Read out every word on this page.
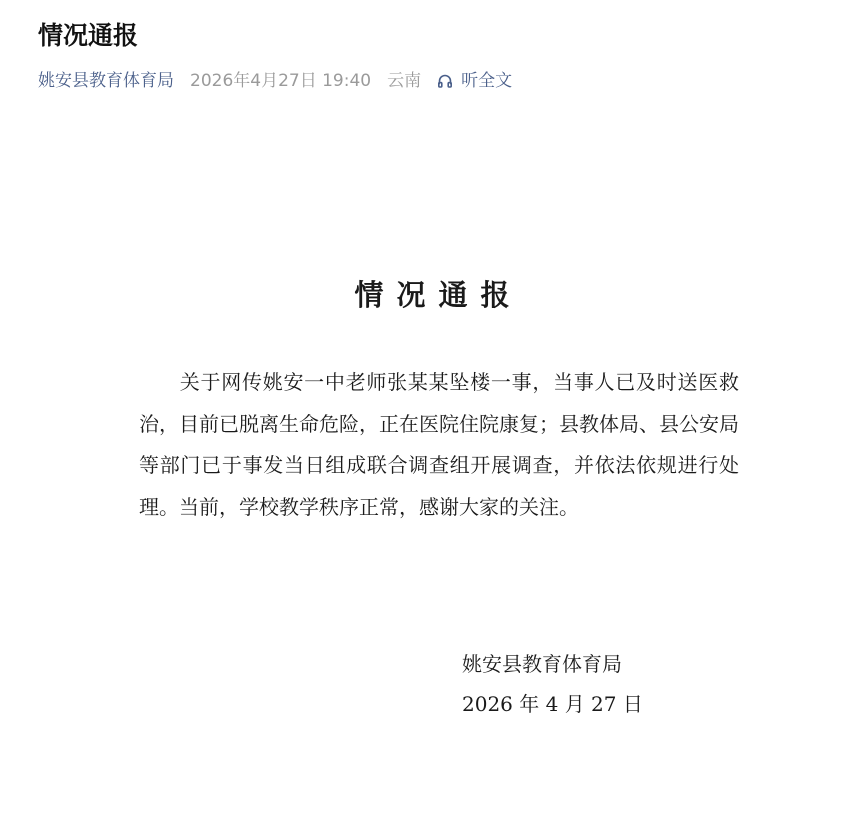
情况通报

关于网传姚安一中老师张某某坠楼一事，当事人已及时送医救治，目前已脱离生命危险，正在医院住院康复；县教体局、县公安局等部门已于事发当日组成联合调查组开展调查，并依法依规进行处理。当前，学校教学秩序正常，感谢大家的关注。

姚安县教育体育局
2026 年 4 月 27 日
情况通报
姚安县教育体育局 2026年4月27日 19:40 云南 听全文
